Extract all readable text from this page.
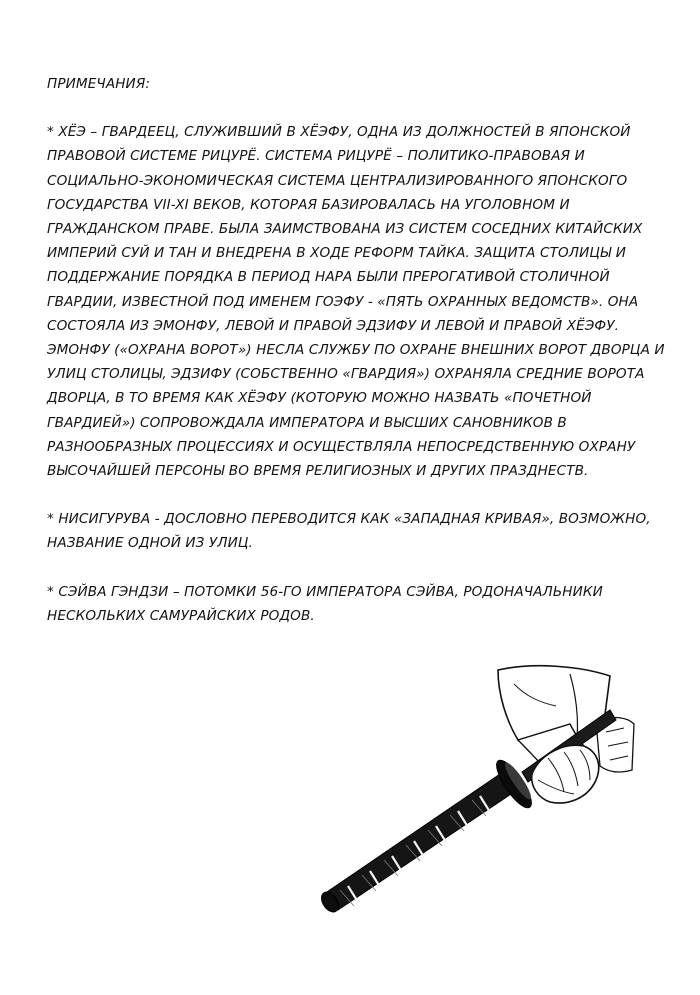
ПРИМЕЧАНИЯ:

* ХЁЭ – ГВАРДЕЕЦ, СЛУЖИВШИЙ В ХЁЭФУ, ОДНА ИЗ ДОЛЖНОСТЕЙ В ЯПОНСКОЙ ПРАВОВОЙ СИСТЕМЕ РИЦУРЁ. СИСТЕМА РИЦУРЁ – ПОЛИТИКО-ПРАВОВАЯ И СОЦИАЛЬНО-ЭКОНОМИЧЕСКАЯ СИСТЕМА ЦЕНТРАЛИЗИРОВАННОГО ЯПОНСКОГО ГОСУДАРСТВА VII-XI ВЕКОВ, КОТОРАЯ БАЗИРОВАЛАСЬ НА УГОЛОВНОМ И ГРАЖДАНСКОМ ПРАВЕ. БЫЛА ЗАИМСТВОВАНА ИЗ СИСТЕМ СОСЕДНИХ КИТАЙСКИХ ИМПЕРИЙ СУЙ И ТАН И ВНЕДРЕНА В ХОДЕ РЕФОРМ ТАЙКА. ЗАЩИТА СТОЛИЦЫ И ПОДДЕРЖАНИЕ ПОРЯДКА В ПЕРИОД НАРА БЫЛИ ПРЕРОГАТИВОЙ СТОЛИЧНОЙ ГВАРДИИ, ИЗВЕСТНОЙ ПОД ИМЕНЕМ ГОЭФУ - «ПЯТЬ ОХРАННЫХ ВЕДОМСТВ». ОНА СОСТОЯЛА ИЗ ЭМОНФУ, ЛЕВОЙ И ПРАВОЙ ЭДЗИФУ И ЛЕВОЙ И ПРАВОЙ ХЁЭФУ. ЭМОНФУ («ОХРАНА ВОРОТ») НЕСЛА СЛУЖБУ ПО ОХРАНЕ ВНЕШНИХ ВОРОТ ДВОРЦА И УЛИЦ СТОЛИЦЫ, ЭДЗИФУ (СОБСТВЕННО «ГВАРДИЯ») ОХРАНЯЛА СРЕДНИЕ ВОРОТА ДВОРЦА, В ТО ВРЕМЯ КАК ХЁЭФУ (КОТОРУЮ МОЖНО НАЗВАТЬ «ПОЧЕТНОЙ ГВАРДИЕЙ») СОПРОВОЖДАЛА ИМПЕРАТОРА И ВЫСШИХ САНОВНИКОВ В РАЗНООБРАЗНЫХ ПРОЦЕССИЯХ И ОСУЩЕСТВЛЯЛА НЕПОСРЕДСТВЕННУЮ ОХРАНУ ВЫСОЧАЙШЕЙ ПЕРСОНЫ ВО ВРЕМЯ РЕЛИГИОЗНЫХ И ДРУГИХ ПРАЗДНЕСТВ.

* НИСИГУРУВА - ДОСЛОВНО ПЕРЕВОДИТСЯ КАК «ЗАПАДНАЯ КРИВАЯ», ВОЗМОЖНО, НАЗВАНИЕ ОДНОЙ ИЗ УЛИЦ.

* СЭЙВА ГЭНДЗИ – ПОТОМКИ 56-ГО ИМПЕРАТОРА СЭЙВА, РОДОНАЧАЛЬНИКИ НЕСКОЛЬКИХ САМУРАЙСКИХ РОДОВ.
